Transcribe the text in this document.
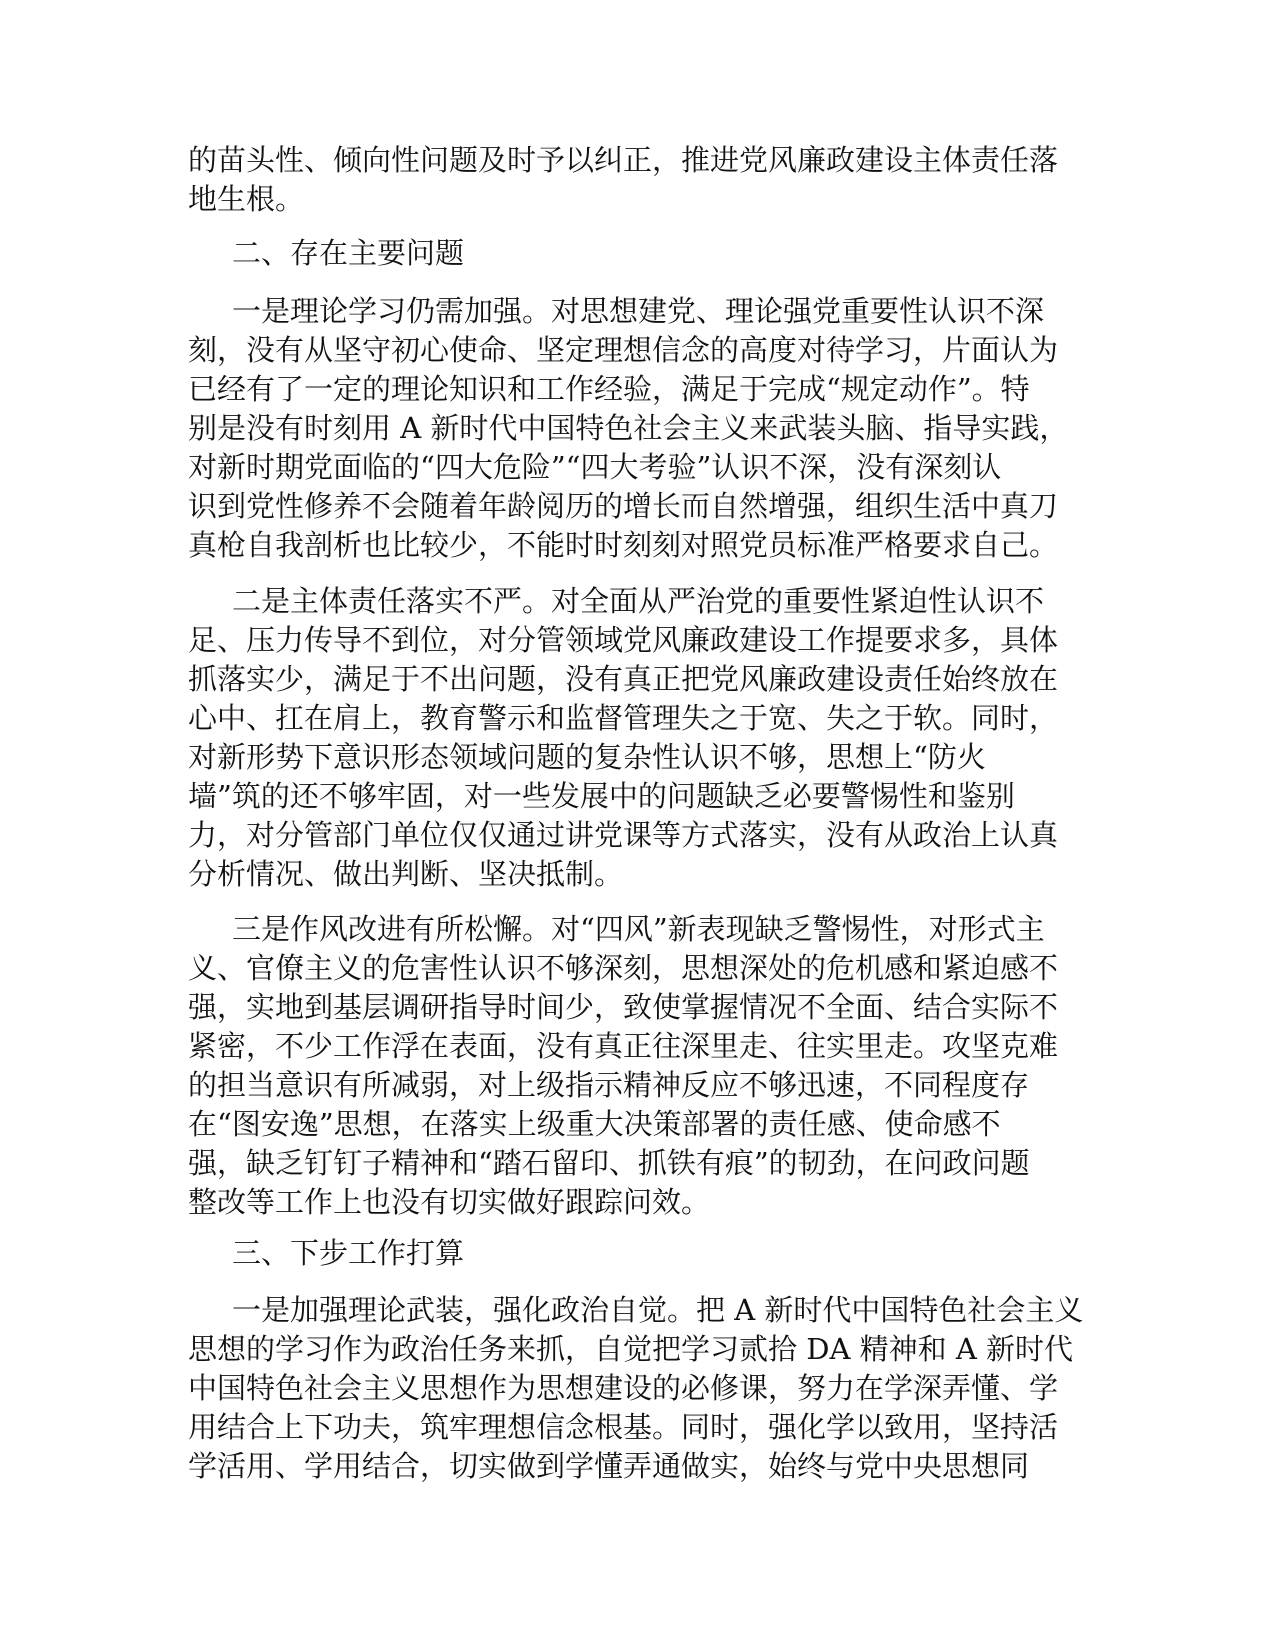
的苗头性、倾向性问题及时予以纠正，推进党风廉政建设主体责任落
地生根。
二、存在主要问题
一是理论学习仍需加强。对思想建党、理论强党重要性认识不深
刻，没有从坚守初心使命、坚定理想信念的高度对待学习，片面认为
已经有了一定的理论知识和工作经验，满足于完成“规定动作”。特
别是没有时刻用 A 新时代中国特色社会主义来武装头脑、指导实践，
对新时期党面临的“四大危险”“四大考验”认识不深，没有深刻认
识到党性修养不会随着年龄阅历的增长而自然增强，组织生活中真刀
真枪自我剖析也比较少，不能时时刻刻对照党员标准严格要求自己。
二是主体责任落实不严。对全面从严治党的重要性紧迫性认识不
足、压力传导不到位，对分管领域党风廉政建设工作提要求多，具体
抓落实少，满足于不出问题，没有真正把党风廉政建设责任始终放在
心中、扛在肩上，教育警示和监督管理失之于宽、失之于软。同时，
对新形势下意识形态领域问题的复杂性认识不够，思想上“防火
墙”筑的还不够牢固，对一些发展中的问题缺乏必要警惕性和鉴别
力，对分管部门单位仅仅通过讲党课等方式落实，没有从政治上认真
分析情况、做出判断、坚决抵制。
三是作风改进有所松懈。对“四风”新表现缺乏警惕性，对形式主
义、官僚主义的危害性认识不够深刻，思想深处的危机感和紧迫感不
强，实地到基层调研指导时间少，致使掌握情况不全面、结合实际不
紧密，不少工作浮在表面，没有真正往深里走、往实里走。攻坚克难
的担当意识有所减弱，对上级指示精神反应不够迅速，不同程度存
在“图安逸”思想，在落实上级重大决策部署的责任感、使命感不
强，缺乏钉钉子精神和“踏石留印、抓铁有痕”的韧劲，在问政问题
整改等工作上也没有切实做好跟踪问效。
三、下步工作打算
一是加强理论武装，强化政治自觉。把 A 新时代中国特色社会主义
思想的学习作为政治任务来抓，自觉把学习贰拾 DA 精神和 A 新时代
中国特色社会主义思想作为思想建设的必修课，努力在学深弄懂、学
用结合上下功夫，筑牢理想信念根基。同时，强化学以致用，坚持活
学活用、学用结合，切实做到学懂弄通做实，始终与党中央思想同
